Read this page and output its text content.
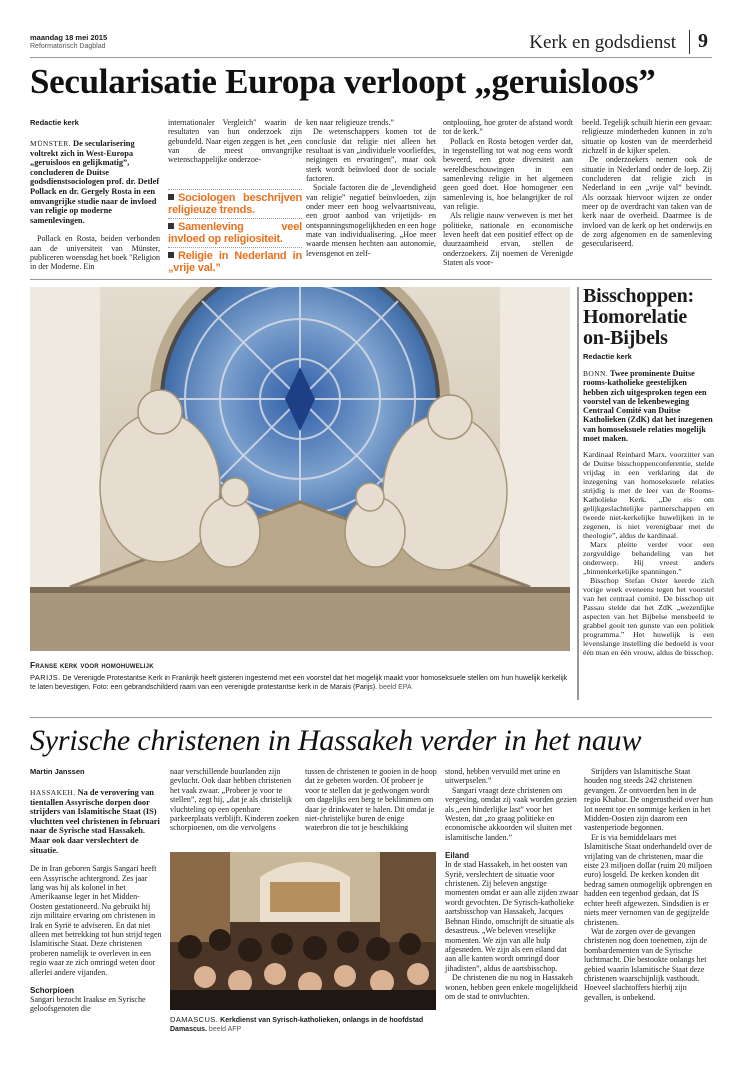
maandag 18 mei 2015
Reformatorisch Dagblad	Kerk en godsdienst	9
Secularisatie Europa verloopt „geruisloos”
Redactie kerk
MÜNSTER. De secularisering voltrekt zich in West-Europa „geruisloos en gelijkmatig”, concluderen de Duitse godsdienstsociologen prof. dr. Detlef Pollack en dr. Gergely Rosta in een omvangrijke studie naar de invloed van religie op moderne samenlevingen.

Pollack en Rosta, beiden verbonden aan de universiteit van Münster, publiceren woensdag het boek "Religion in der Moderne. Ein

internationaler Vergleich" waarin de resultaten van hun onderzoek zijn gebundeld. Naar eigen zeggen is het „een van de meest omvangrijke wetenschappelijke onderzoe-

Sociologen beschrijven religieuze trends.
Samenleving veel invloed op religiositeit.
Religie in Nederland in „vrije val.”

ken naar religieuze trends.”

De wetenschappers komen tot de conclusie dat religie niet alleen het resultaat is van „individuele voorliefdes, neigingen en ervaringen”, maar ook sterk wordt beïnvloed door de sociale factoren.

Sociale factoren die de „levendigheid van religie” negatief beïnvloeden, zijn onder meer een hoog welvaartsniveau, een groot aanbod van vrijetijds- en ontspanningsmogelijkheden en een hoge mate van individualisering. „Hoe meer waarde mensen hechten aan autonomie, levensgenot en zelf-

ontplooiing, hoe groter de afstand wordt tot de kerk.”

Pollack en Rosta betogen verder dat, in tegenstelling tot wat nog eens wordt beweerd, een grote diversiteit aan wereldbeschouwingen in een samenleving religie in het algemeen geen goed doet. Hoe homogener een samenleving is, hoe belangrijker de rol van religie.

Als religie nauw verweven is met het politieke, nationale en economische leven heeft dat een positief effect op de duurzaamheid ervan, stellen de onderzoekers. Zij noemen de Verenigde Staten als voor-

beeld. Tegelijk schuilt hierin een gevaar: religieuze minderheden kunnen in zo'n situatie op kosten van de meerderheid zichzelf in de kijker spelen.

De onderzoekers nemen ook de situatie in Nederland onder de loep. Zij concluderen dat religie zich in Nederland in een „vrije val” bevindt. Als oorzaak hiervoor wijzen ze onder meer op de overdracht van taken van de kerk naar de overheid. Daarmee is de invloed van de kerk op het onderwijs en de zorg afgenomen en de samenleving geseculariseerd.

Franse kerk voor homohuwelijk
PARIJS. De Verenigde Protestantse Kerk in Frankrijk heeft gisteren ingestemd met een voorstel dat het mogelijk maakt voor homoseksuele stellen om hun huwelijk kerkelijk te laten bevestigen. Foto: een gebrandschilderd raam van een verenigde protestantse kerk in de Marais (Parijs). beeld EPA
Bisschoppen: Homorelatie on-Bijbels
Redactie kerk
BONN. Twee prominente Duitse rooms-katholieke geestelijken hebben zich uitgesproken tegen een voorstel van de lekenbeweging Centraal Comité van Duitse Katholieken (ZdK) dat het inzegenen van homoseksuele relaties mogelijk moet maken.

Kardinaal Reinhard Marx, voorzitter van de Duitse bisschoppenconferentie, stelde vrijdag in een verklaring dat de inzegening van homoseksuele relaties strijdig is met de leer van de Rooms-Katholieke Kerk. „De eis om gelijkgeslachtelijke partnerschappen en tweede niet-kerkelijke huwelijken in te zegenen, is niet verenigbaar met de theologie”, aldus de kardinaal.

Marx pleitte verder voor een zorgvuldige behandeling van het onderwerp. Hij vreest anders „binnenkerkelijke spanningen.”

Bisschop Stefan Oster keerde zich vorige week eveneens tegen het voorstel van het centraal comité. De bisschop uit Passau stelde dat het ZdK „wezenlijke aspecten van het Bijbelse mensbeeld te grabbel gooit ten gunste van een politiek programma.” Het huwelijk is een levenslange instelling die bedoeld is voor één man en één vrouw, aldus de bisschop.

Syrische christenen in Hassakeh verder in het nauw
Martin Janssen
HASSAKEH. Na de verovering van tientallen Assyrische dorpen door strijders van Islamitische Staat (IS) vluchtten veel christenen in februari naar de Syrische stad Hassakeh. Maar ook daar verslechtert de situatie.

De in Iran geboren Sargis Sangari heeft een Assyrische achtergrond. Zes jaar lang was hij als kolonel in het Amerikaanse leger in het Midden-Oosten gestationeerd. Nu gebruikt hij zijn militaire ervaring om christenen in Irak en Syrië te adviseren. En dat niet alleen met betrekking tot hun strijd tegen Islamitische Staat. Deze christenen proberen namelijk te overleven in een regio waar ze zich omringd weten door allerlei andere vijanden.

Schorpioen

Sangari bezocht Iraakse en Syrische geloofsgenoten die

naar verschillende buurlanden zijn gevlucht. Ook daar hebben christenen het vaak zwaar. „Probeer je voor te stellen”, zegt hij, „dat je als christelijk vluchteling op een openbare parkeerplaats verblijft. Kinderen zoeken schorpioenen, om die vervolgens

tussen de christenen te gooien in de hoop dat ze gebeten worden. Of probeer je voor te stellen dat je gedwongen wordt om dagelijks een berg te beklimmen om daar je drinkwater te halen. Dit omdat je niet-christelijke buren de enige waterbron die tot je beschikking

stond, hebben vervuild met urine en uitwerpselen.”

Sangari vraagt deze christenen om vergeving, omdat zij vaak worden gezien als „een hinderlijke last” voor het Westen, dat „zo graag politieke en economische akkoorden wil sluiten met islamitische landen.”

Eiland

In de stad Hassakeh, in het oosten van Syrië, verslechtert de situatie voor christenen. Zij beleven angstige momenten omdat er aan alle zijden zwaar wordt gevochten. De Syrisch-katholieke aartsbisschop van Hassakeh, Jacques Behnan Hindo, omschrijft de situatie als desastreus. „We beleven vreselijke momenten. We zijn van alle hulp afgesneden. We zijn als een eiland dat aan alle kanten wordt omringd door jihadisten”, aldus de aartsbisschop.

De christenen die nu nog in Hassakeh wonen, hebben geen enkele mogelijkheid om de stad te ontvluchten.

Strijders van Islamitische Staat houden nog steeds 242 christenen gevangen. Ze ontvoerden hen in de regio Khabur. De ongerustheid over hun lot neemt toe en sommige kerken in het Midden-Oosten zijn daarom een vastenperiode begonnen.

Er is via bemiddelaars met Islamitische Staat onderhandeld over de vrijlating van de christenen, maar die eiste 23 miljoen dollar (ruim 20 miljoen euro) losgeld. De kerken konden dit bedrag samen onmogelijk opbrengen en hadden een tegenbod gedaan, dat IS echter heeft afgewezen. Sindsdien is er niets meer vernomen van de gegijzelde christenen.

Wat de zorgen over de gevangen christenen nog doen toenemen, zijn de bombardementen van de Syrische luchtmacht. Die bestookte onlangs het gebied waarin Islamitische Staat deze christenen waarschijnlijk vasthoudt. Hoeveel slachtoffers hierbij zijn gevallen, is onbekend.

DAMASCUS. Kerkdienst van Syrisch-katholieken, onlangs in de hoofdstad Damascus. beeld AFP
